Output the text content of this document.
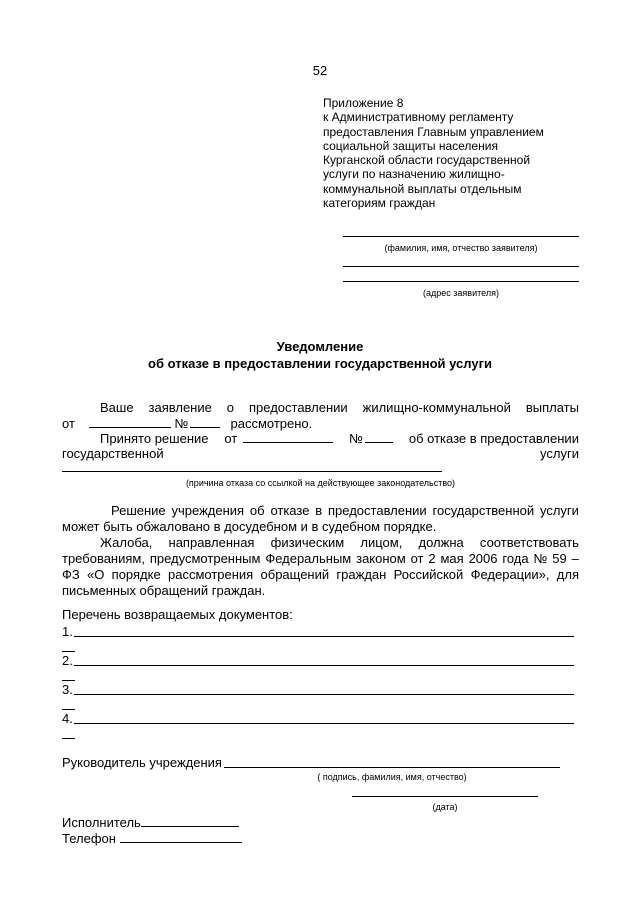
52
Приложение 8
к Административному регламенту
предоставления Главным управлением
социальной защиты населения
Курганской области государственной
услуги по назначению жилищно-
коммунальной выплаты отдельным
категориям граждан
(фамилия, имя, отчество заявителя)
(адрес заявителя)
Уведомление
об отказе в предоставлении государственной услуги
Ваше заявление о предоставлении жилищно-коммунальной выплаты
от	№	рассмотрено.
Принято решение от	№	об отказе в предоставлении
государственной	услуги
(причина отказа со ссылкой на действующее законодательство)
Решение учреждения об отказе в предоставлении государственной услуги
может быть обжаловано в досудебном и в судебном порядке.
Жалоба, направленная физическим лицом, должна соответствовать
требованиям, предусмотренным Федеральным законом от 2 мая 2006 года № 59 –
ФЗ «О порядке рассмотрения обращений граждан Российской Федерации», для
письменных обращений граждан.
Перечень возвращаемых документов:
1.
2.
3.
4.
Руководитель учреждения
( подпись, фамилия, имя, отчество)
(дата)
Исполнитель
Телефон
